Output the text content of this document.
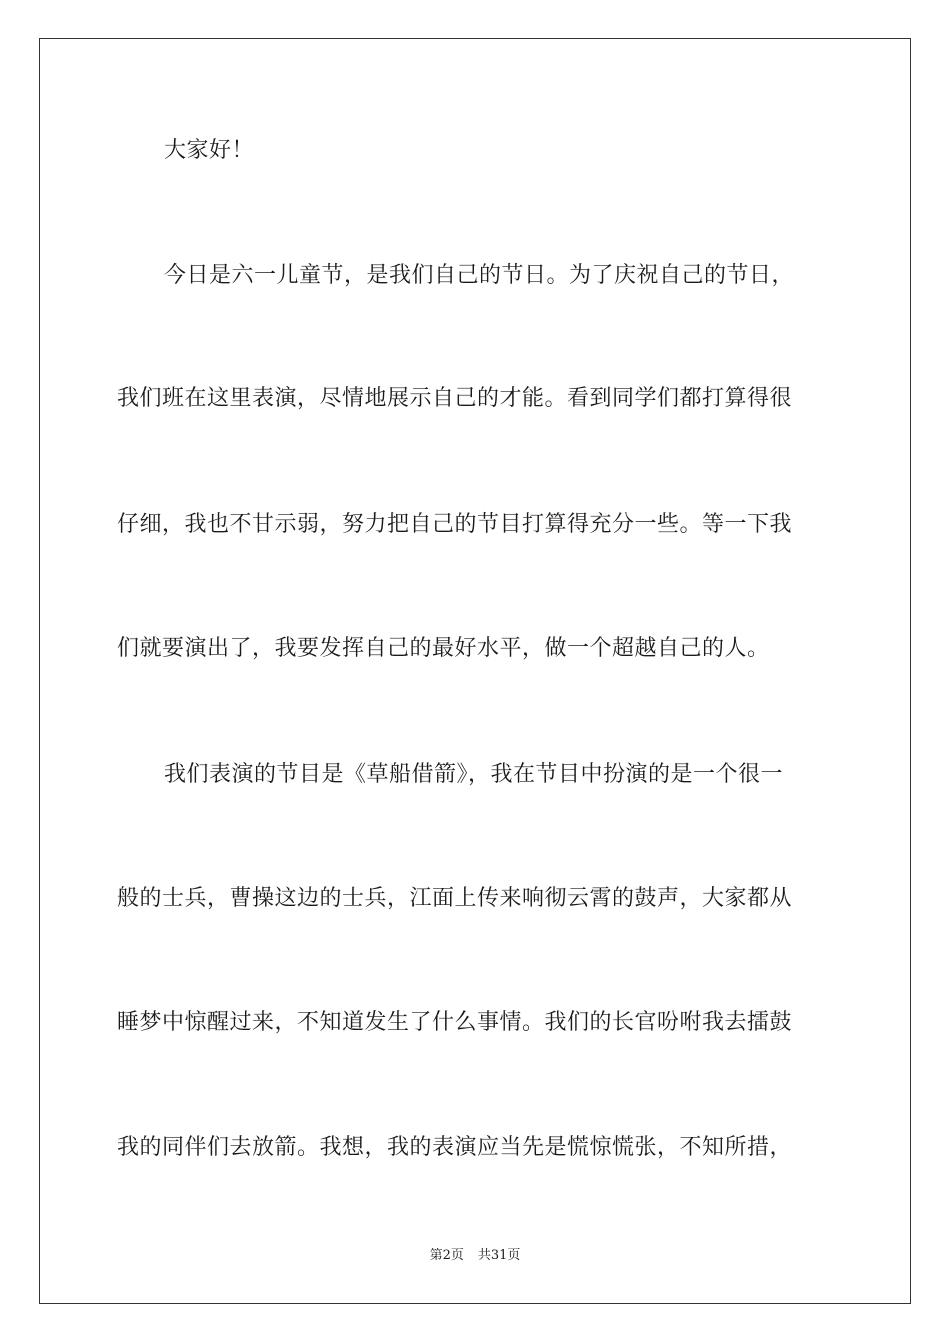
大家好！
今日是六一儿童节，是我们自己的节日。为了庆祝自己的节日，
我们班在这里表演，尽情地展示自己的才能。看到同学们都打算得很
仔细，我也不甘示弱，努力把自己的节目打算得充分一些。等一下我
们就要演出了，我要发挥自己的最好水平，做一个超越自己的人。
我们表演的节目是《草船借箭》，我在节目中扮演的是一个很一
般的士兵，曹操这边的士兵，江面上传来响彻云霄的鼓声，大家都从
睡梦中惊醒过来，不知道发生了什么事情。我们的长官吩咐我去擂鼓
我的同伴们去放箭。我想，我的表演应当先是慌惊慌张，不知所措，
第2页 共31页
